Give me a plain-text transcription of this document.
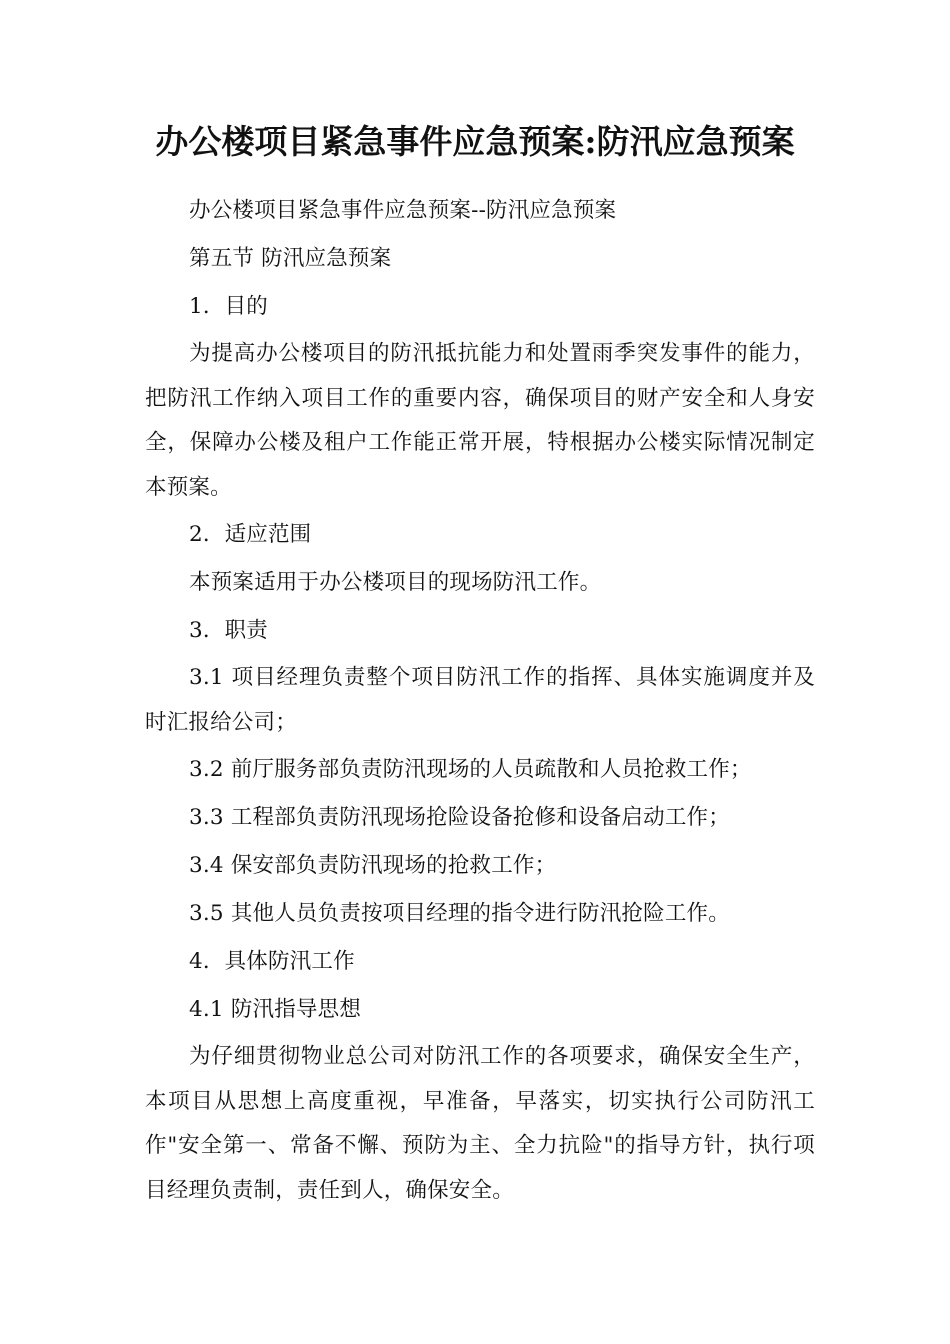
办公楼项目紧急事件应急预案:防汛应急预案

办公楼项目紧急事件应急预案--防汛应急预案

第五节 防汛应急预案

1．目的

为提高办公楼项目的防汛抵抗能力和处置雨季突发事件的能力，把防汛工作纳入项目工作的重要内容，确保项目的财产安全和人身安全，保障办公楼及租户工作能正常开展，特根据办公楼实际情况制定本预案。

2．适应范围

本预案适用于办公楼项目的现场防汛工作。

3．职责

3.1 项目经理负责整个项目防汛工作的指挥、具体实施调度并及时汇报给公司；

3.2 前厅服务部负责防汛现场的人员疏散和人员抢救工作；

3.3 工程部负责防汛现场抢险设备抢修和设备启动工作；

3.4 保安部负责防汛现场的抢救工作；

3.5 其他人员负责按项目经理的指令进行防汛抢险工作。

4．具体防汛工作

4.1 防汛指导思想

为仔细贯彻物业总公司对防汛工作的各项要求，确保安全生产，本项目从思想上高度重视，早准备，早落实，切实执行公司防汛工作"安全第一、常备不懈、预防为主、全力抗险"的指导方针，执行项目经理负责制，责任到人，确保安全。
